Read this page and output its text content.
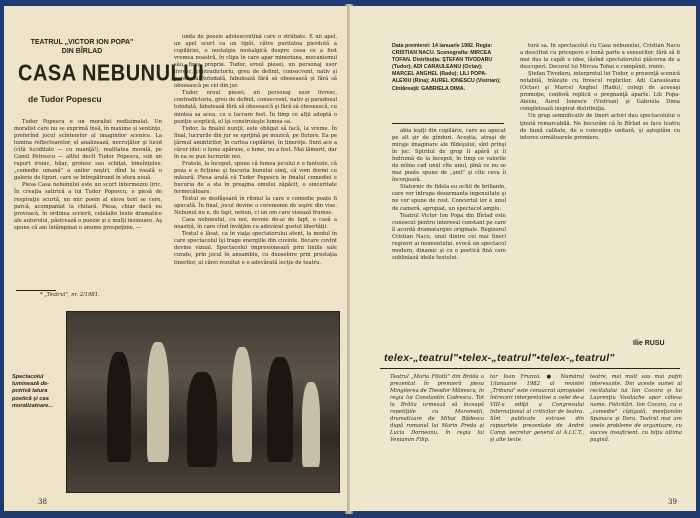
TEATRUL „VICTOR ION POPA" DIN BÎRLAD
CASA NEBUNULUI
de Tudor Popescu

Tudor Popescu e un moralist nedisimulat. Un moralist care nu se exprimă însă, în maxime şi sentinţe, preferînd jocul scînteietor al imaginilor scenice. La lumina reflectoarelor, el analizează, necruţător şi lucid (cîtă luciditate — cu nuanţă!), realitatea morală, pe Camil Petrescu — altfel decît Tudor Popescu, sub un raport ironic, hilar, grotesc sau schiţat, bineînţeles: „comedie umană" a anilor noştri, dînd la iveală o galerie de tipuri, care se întrepătrund în sfera nouă.

Piesa Casa nebunului este un scurt intermezzo liric. În creaţia satirică a lui Tudor Popescu, o piesă de respiraţie scurtă, un mic poem al eleva text se cere, parcă, acompaniat la chitară. Piesa, chiar dacă nu provoacă, în ordinea scrierii, celelalte texte dramatice ale autorului, păstrează o poezie şi o mulţi insinuare. Aş spune că am întâmpinat o anume prospeţime, —

* „Teatrul", nr. 2/1981.

unda de poezie adolescentină care o străbate. E un apel, un apel scurt ca un tipăt, către puritatea pierdută a copilăriei, o nostalgie nostalgică despre ceea ce a fost vremea noastră, în clipa în care apar mineriana, mecanismul său, firea proprie. Tudor, eroul piesei, un personaj usor livresc, contradictoriu, greu de definit, consecvent, nativ şi paradoxal totodată, fabulează fără să obosească şi fără să obosească pe cei din jur.

Tudor, eroul piesei, un personaj usor livresc, contradictoriu, greu de definit, consecvent, nativ şi paradoxal totodată, fabulează fără să obosească şi fără să obosească, cu mintea sa acea, cu o lucrare fost. În timp ce alţii adoptă o poziţie sceptică, el îşi construieşte lumea sa.

Tudor, la finalul nunţii, este obligat să facă, la vreme. În final, lucrurile din jur se sprijină pe muzică, pe fluture. Ea pe ţărmul amintirilor, în curtea copilăriei, în tinereţe. Sunt ace a căror idei: o lume apăruse, o lume, nu a fost. Mai lămurit, dar în ea se pun lucrurile noi.

Fratele, la început, spune că lumea jocului e o fantezie, că poza e o ficţiune şi bucuria bunului simţ, că vom dormi cu măsură. Piesa arată că Tudor Popescu în finalul comediei e bucuria de a sta în preajma omului zăpăcit, o sinceritate fermecătoare.

Textul se desfăşoară în ritmul la care o comedie poate fi apucată. În final, jocul devine o ceremonie de ieşire din vise. Nebunul nu e, de fapt, nebun, ci un om care visează frumos.

Casa nebunului, cu noi, nevoie de-ai de fapt, o casă a noastră, în care cînd învăţăm cu adevărat gustul libertăţii.

Textul e lăsat, ca în viaţa spectatorului atent, la modul în care spectacolul îşi trage energiile din cuvinte, fiecare cuvînt devine vizual. Spectacolul impresionează prin liniile sale curate, prin jocul în ansamblu, cu deosebire prin prestaţia tinerilor, al cărei rezultat e o adevărată lecţie de teatru.

Spectacolul luminează de-potrivă latura poetică şi cea moralizatoare...
38
Data premierei: 14 ianuarie 1982. Regia: CRISTIAN NACU. Scenografia: MIRCEA TOFAN. Distribuţia: ŞTEFAN TIVODARU (Tudor); ADI CARAULEANU (Octav); MARCEL ANGHEL (Radu); LILI POPA-ALEXIU (Rina); AUREL IONESCU (Vistrian); Cîntăreaţă: GABRIELA DIMA.

abia ieşiţi din copilărie, care au apucat pe alt şir de gînduri. Aceştia, atraşi de miraje imaginare ale fildeşului, sînt prinşi în joc. Spiritul de grup îi apără şi îi îndrumă de la început, în timp ce valorile de mîine cad unul cîte unul, pînă ce nu se mai poate spune de „şnit" şi cîte ceva îi înconjoară.

Statornic de fidela eu ochii de briliante, care vor întrupa dezarmanta ingenuitate şi ne vor spune de rost. Concertul lor e unul de cameră, apropiat, un spectacol amplu.

Teatrul Victor Ion Popa din Bîrlad este cunoscut pentru interesul constant pe care îl acordă dramaturgiei originale. Regizorul Cristian Nacu, unul dintre cei mai tineri regizori ai momentului, evocă un spectacol modern, dinamic şi cu o poetică fină care subliniază ideile textului.

tură sa. În spectacolul cu Casa nebunului, Cristian Nacu a descifrat cu pricepere o bună parte a sensurilor, fără să fi mai dus la capăt o idee, lăsînd spectatorului plăcerea de a descoperi. Decorul lui Mircea Tofan e cumpănit, ironic.

Ştefan Tivodaru, interpretul lui Tudor, o prezenţă scenică notabilă, trăieşte cu firescul replicilor. Adi Carauleanu (Octav) şi Marcel Anghel (Radu), colegi de aceeaşi promoţie, conferă replicii o pregnanţă aparte. Lili Popa-Alexiu, Aurel Ionescu (Vistrian) şi Gabriela Dima completează inspirat distribuţia.

Un grup semnificativ de tineri actori dau spectacolului o ţinută remarcabilă. Ne bucurăm că în Bîrlad se face teatru de bună calitate, de o concepţie unitară, şi aşteptăm cu interes următoarele premiere.

Ilie RUSU
telex-„teatrul"•telex-„teatrul"•telex-„teatrul"
Teatrul „Maria Filotti" din Brăila a prezentat în premieră piesa Mingiierea de Theodor Mănescu, în regia lui Constantin Codrescu. Tot la Brăila urmează să înceapă repetiţiile cu Moromeţii, dramatizare de Mihai Bădescu după romanul lui Marin Preda şi Lucia Dorneanu, în regia lui Veniamin Filip.
tor Ioan Frunză. ● Numărul 1/ianuarie 1982 al revistei „Tribuna" este consacrat apropiatei întreceri interpretative a celei de-a VIII-a ediţii a Congresului Internaţional al criticilor de teatru. Sînt publicate extrase din rapoartele prezentate de André Camp, secretar general al A.I.C.T., şi alte texte.
teatre, mai mult sau mai puţin interesante. Din aceste sumei al recitalului lui Ion Cocora şi lui Laurenţiu Vasilache apar câteva nume. Felicitări. Ion Cocora, cu o „comedie" cîştigată, menţionăm Spanacu şi Dora. Teatrul mai are unele probleme de organizare, cu succes insuficient. cu biţiu ultima pagină.
39
